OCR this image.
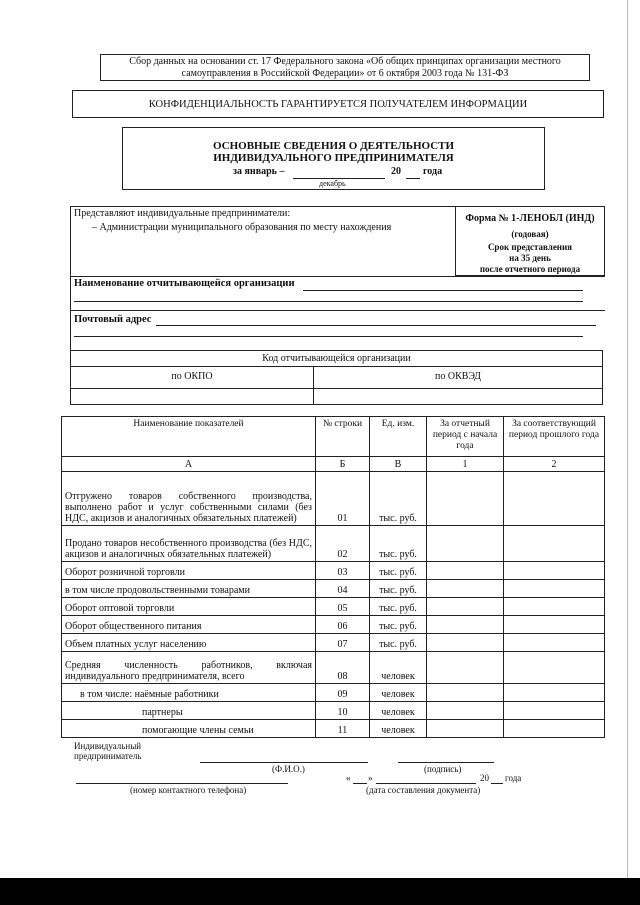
Сбор данных на основании ст. 17 Федерального закона «Об общих принципах организации местного
самоуправления в Российской Федерации» от 6 октября 2003 года № 131-ФЗ
КОНФИДЕНЦИАЛЬНОСТЬ ГАРАНТИРУЕТСЯ ПОЛУЧАТЕЛЕМ ИНФОРМАЦИИ
ОСНОВНЫЕ СВЕДЕНИЯ О ДЕЯТЕЛЬНОСТИ
ИНДИВИДУАЛЬНОГО ПРЕДПРИНИМАТЕЛЯ
за январь –	20 года
декабрь
Представляют индивидуальные предприниматели:
– Администрации муниципального образования по месту нахождения
Форма № 1-ЛЕНОБЛ (ИНД)
(годовая)
Срок представления
на 35 день
после отчетного периода
Наименование отчитывающейся организации
Почтовый адрес
Код отчитывающейся организации
по ОКПО	по ОКВЭД
Наименование показателей	№ строки	Ед. изм.	За отчетный период с начала года	За соответствующий период прошлого года
А	Б	В	1	2
Отгружено товаров собственного производства, выполнено работ и услуг собственными силами (без НДС, акцизов и аналогичных обязательных платежей)	01	тыс. руб.		
Продано товаров несобственного производства (без НДС, акцизов и аналогичных обязательных платежей)	02	тыс. руб.		
Оборот розничной торговли	03	тыс. руб.		
в том числе продовольственными товарами	04	тыс. руб.		
Оборот оптовой торговли	05	тыс. руб.		
Оборот общественного питания	06	тыс. руб.		
Объем платных услуг населению	07	тыс. руб.		
Средняя численность работников, включая индивидуального предпринимателя, всего	08	человек		
в том числе: наёмные работники	09	человек		
партнеры	10	человек		
помогающие члены семьи	11	человек		
Индивидуальный
предприниматель
(Ф.И.О.)	(подпись)
(номер контактного телефона)
« »	20 года
(дата составления документа)
